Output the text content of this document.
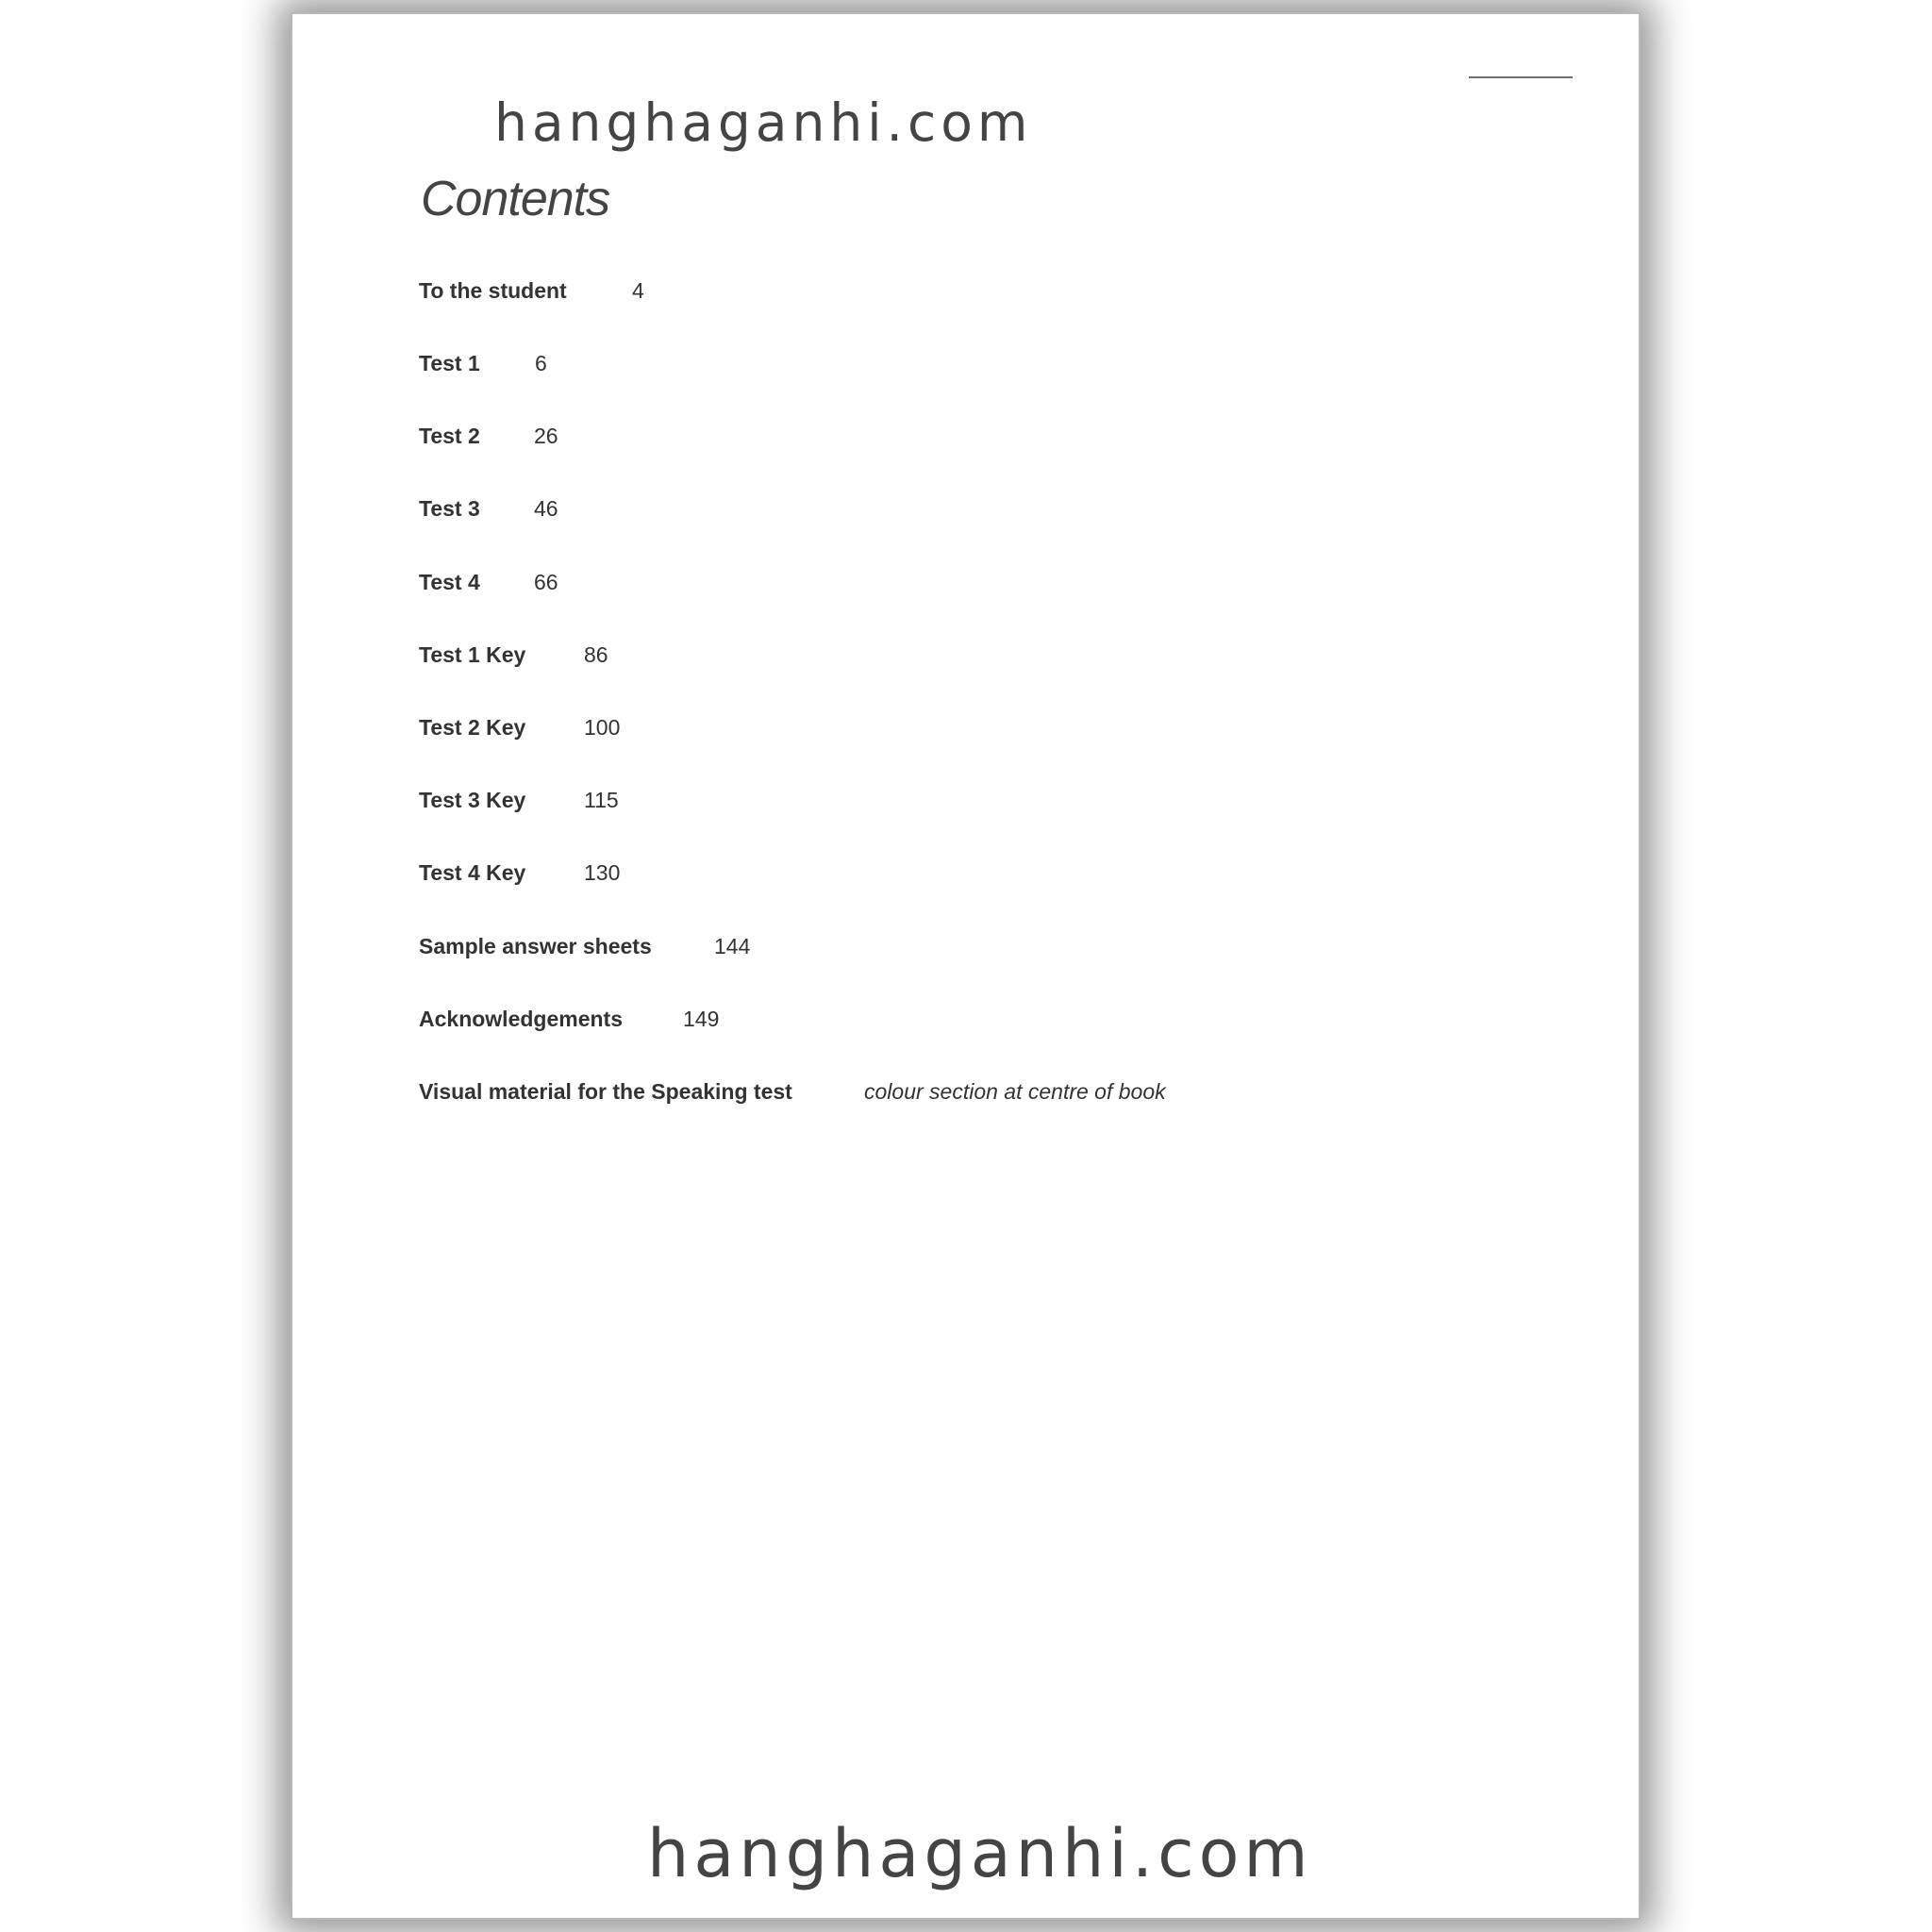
hanghaganhi.com
Contents
To the student	4
Test 1	6
Test 2 26
Test 3 46
Test 4 66
Test 1 Key	86
Test 2 Key	100
Test 3 Key	115
Test 4 Key	130
Sample answer sheets	144
Acknowledgements	149
Visual material for the Speaking test	colour section at centre of book
hanghaganhi.com
